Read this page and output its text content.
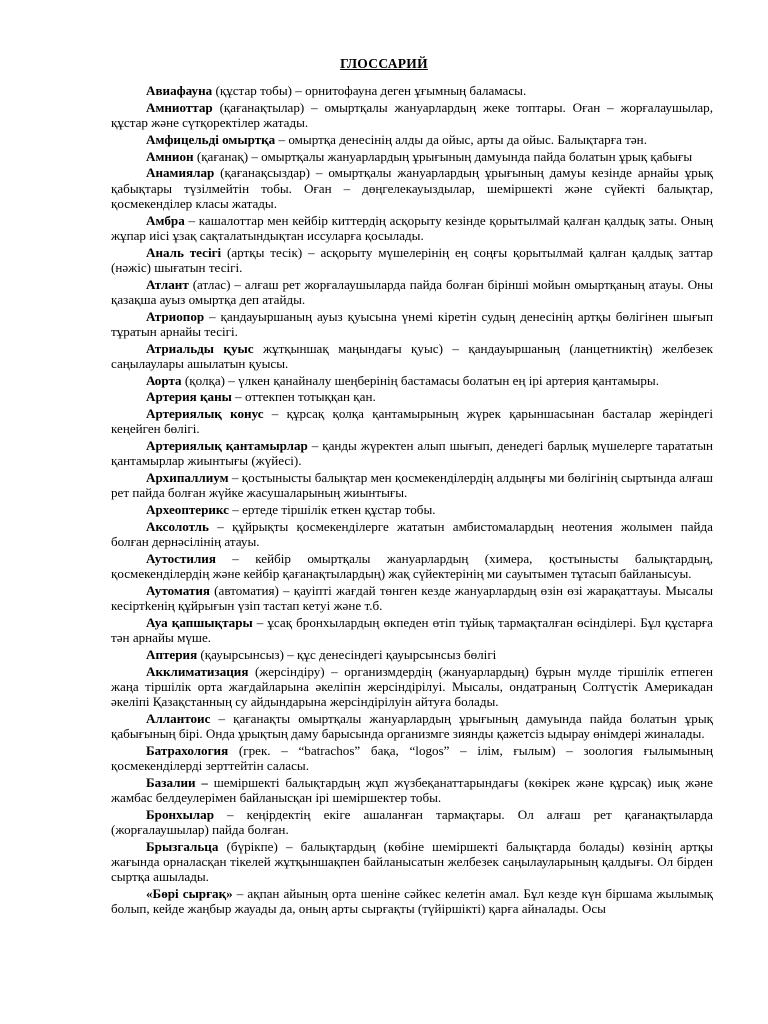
ГЛОССАРИЙ

Авиафауна (құстар тобы) – орнитофауна деген ұғымның баламасы.

Амниоттар (қағанақтылар) – омыртқалы жануарлардың жеке топтары. Оған – жорғалаушылар, құстар және сүтқоректілер жатады.

Амфицельді омыртқа – омыртқа денесінің алды да ойыс, арты да ойыс. Балықтарға тән.

Амнион (қағанақ) – омыртқалы жануарлардың ұрығының дамуында пайда болатын ұрық қабығы

Анамиялар (қағанақсыздар) – омыртқалы жануарлардың ұрығының дамуы кезінде арнайы ұрық қабықтары түзілмейтін тобы. Оған – дөңгелекауыздылар, шеміршекті және сүйекті балықтар, қосмекенділер класы жатады.

Амбра – кашалоттар мен кейбір киттердің асқорыту кезінде қорытылмай қалған қалдық заты. Оның жұпар иісі ұзақ сақталатындықтан иссуларға қосылады.

Аналь тесігі (артқы тесік) – асқорыту мүшелерінің ең соңғы қорытылмай қалған қалдық заттар (нәжіс) шығатын тесігі.

Атлант (атлас) – алғаш рет жорғалаушыларда пайда болған бірінші мойын омыртқаның атауы. Оны қазақша ауыз омыртқа деп атайды.

Атриопор – қандауыршаның ауыз қуысына үнемі кіретін судың денесінің артқы бөлігінен шығып тұратын арнайы тесігі.

Атриальды қуыс жұтқыншақ маңындағы қуыс) – қандауыршаның (ланцетниктің) желбезек саңылаулары ашылатын қуысы.

Аорта (қолқа) – үлкен қанайналу шеңберінің бастамасы болатын ең ірі артерия қантамыры.

Артерия қаны – оттекпен тотыққан қан.

Артериялық конус – құрсақ қолқа қантамырының жүрек қарыншасынан басталар жеріндегі кеңейген бөлігі.

Артериялық қантамырлар – қанды жүректен алып шығып, денедегі барлық мүшелерге тарататын қантамырлар жиынтығы (жүйесі).

Архипаллиум – қостынысты балықтар мен қосмекенділердің алдыңғы ми бөлігінің сыртында алғаш рет пайда болған жүйке жасушаларының жиынтығы.

Археоптерикс – ертеде тіршілік еткен құстар тобы.

Аксолотль – құйрықты қосмекенділерге жататын амбистомалардың неотения жолымен пайда болған дернәсілінің атауы.

Аутостилия – кейбір омыртқалы жануарлардың (химера, қостынысты балықтардың, қосмекенділердің және кейбір қағанақтылардың) жақ сүйектерінің ми сауытымен тұтасып байланысуы.

Аутоматия (автоматия) – қауіпті жағдай төнген кезде жануарлардың өзін өзі жарақаттауы. Мысалы кесіртkенің құйрығын үзіп тастап кетуі және т.б.

Ауа қапшықтары – ұсақ бронхылардың өкпеден өтіп тұйық тармақталған өсінділері. Бұл құстарға тән арнайы мүше.

Аптерия (қауырсынсыз) – құс денесіндегі қауырсынсыз бөлігі

Акклиматизация (жерсіндіру) – организмдердің (жануарлардың) бұрын мүлде тіршілік етпеген жаңа тіршілік орта жағдайларына әкеліпін жерсіндірілуі. Мысалы, ондатраның Солтүстік Америкадан әкеліпі Қазақстанның су айдындарына жерсіндірілуін айтуға болады.

Аллантоис – қағанақты омыртқалы жануарлардың ұрығының дамуында пайда болатын ұрық қабығының бірі. Онда ұрықтың даму барысында организмге зиянды қажетсіз ыдырау өнімдері жиналады.

Батрахология (грек. – “batrachos” бақа, “logos” – ілім, ғылым) – зоология ғылымының қосмекенділерді зерттейтін саласы.

Базалии – шеміршекті балықтардың жұп жүзбеқанаттарындағы (көкірек және құрсақ) иық және жамбас белдеулерімен байланысқан ірі шеміршектер тобы.

Бронхылар – кеңірдектің екіге ашаланған тармақтары. Ол алғаш рет қағанақтыларда (жорғалаушылар) пайда болған.

Брызгальца (бүрікпе) – балықтардың (көбіне шеміршекті балықтарда болады) көзінің артқы жағында орналасқан тікелей жұтқыншақпен байланысатын желбезек саңылауларының қалдығы. Ол бірден сыртқа ашылады.

«Бөрі сырғақ» – ақпан айының орта шеніне сәйкес келетін амал. Бұл кезде күн біршама жылымық болып, кейде жаңбыр жауады да, оның арты сырғақты (түйіршікті) қарға айналады. Осы
